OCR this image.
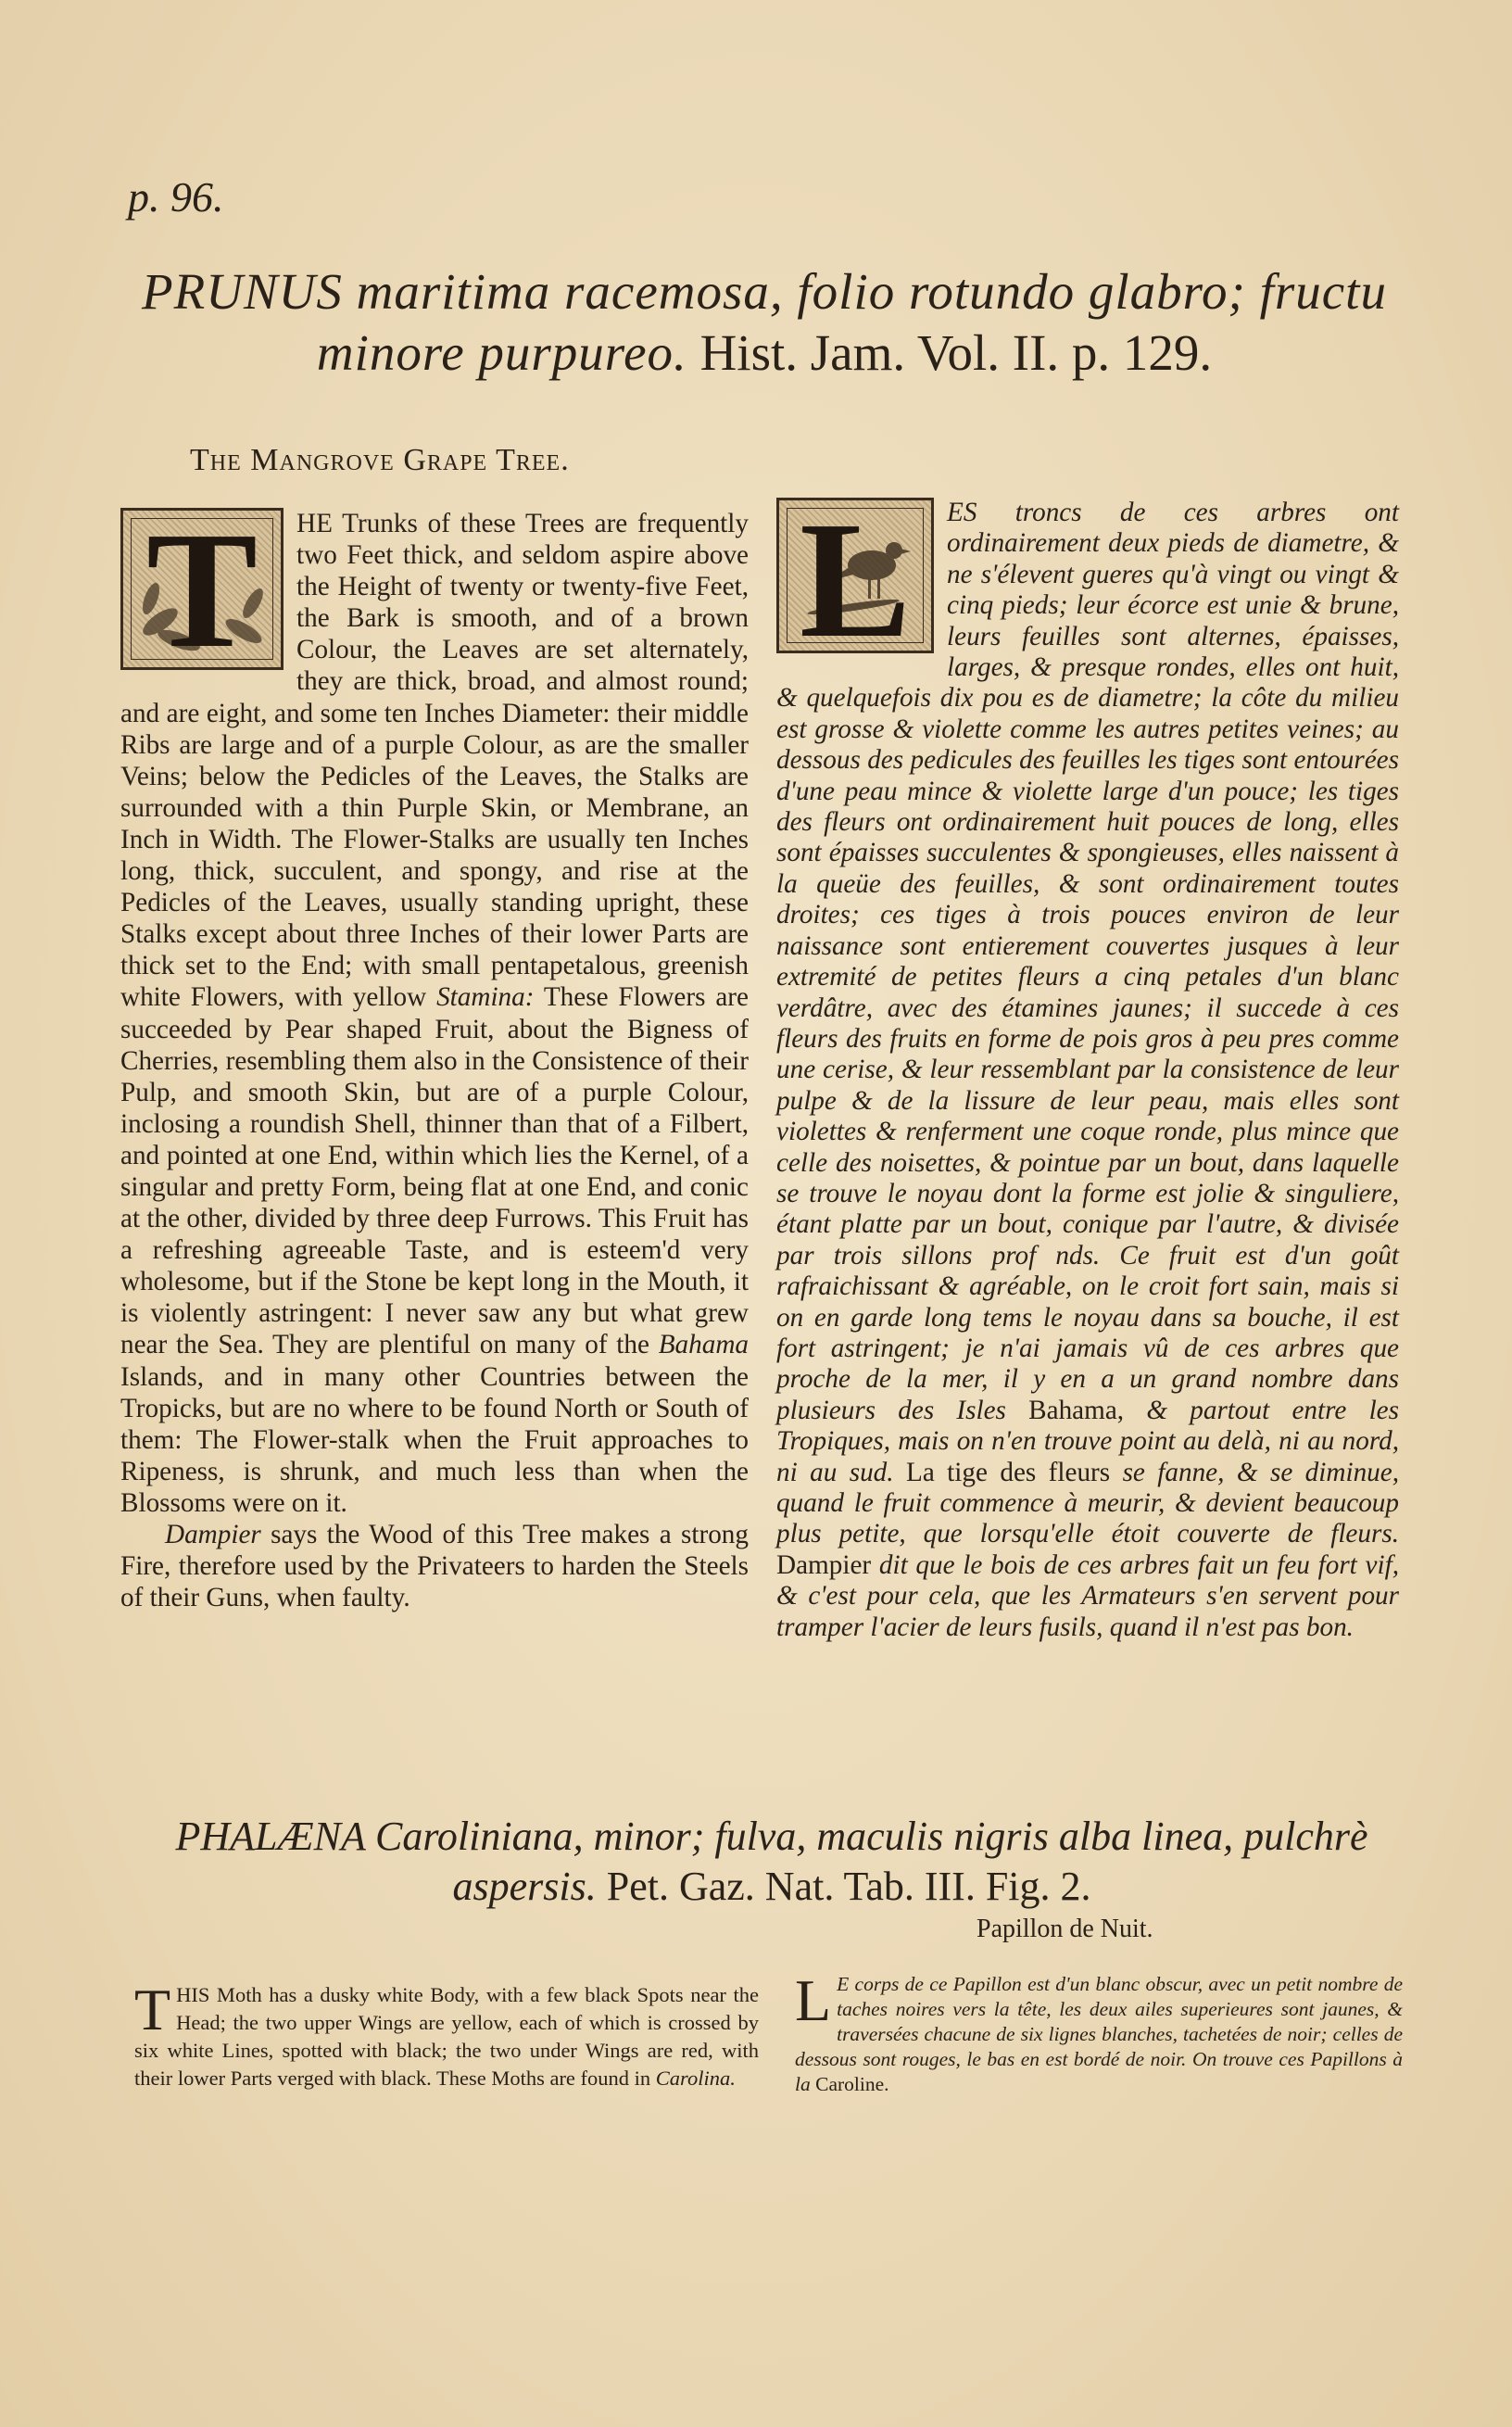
p. 96.
PRUNUS maritima racemosa, folio rotundo glabro; fructu minore purpureo. Hist. Jam. Vol. II. p. 129.
The Mangrove Grape Tree.
T	HE Trunks of these Trees are frequently two Feet thick, and seldom aspire above the Height of twenty or twenty-five Feet, the Bark is smooth, and of a brown Colour, the Leaves are set alternately, they are thick, broad, and almost round; and are eight, and some ten Inches Diameter: their middle Ribs are large and of a purple Colour, as are the smaller Veins; below the Pedicles of the Leaves, the Stalks are surrounded with a thin Purple Skin, or Membrane, an Inch in Width. The Flower-Stalks are usually ten Inches long, thick, succulent, and spongy, and rise at the Pedicles of the Leaves, usually standing upright, these Stalks except about three Inches of their lower Parts are thick set to the End; with small pentapetalous, greenish white Flowers, with yellow Stamina: These Flowers are succeeded by Pear shaped Fruit, about the Bigness of Cherries, resembling them also in the Consistence of their Pulp, and smooth Skin, but are of a purple Colour, inclosing a roundish Shell, thinner than that of a Filbert, and pointed at one End, within which lies the Kernel, of a singular and pretty Form, being flat at one End, and conic at the other, divided by three deep Furrows. This Fruit has a refreshing agreeable Taste, and is esteem'd very wholesome, but if the Stone be kept long in the Mouth, it is violently astringent: I never saw any but what grew near the Sea. They are plentiful on many of the Bahama Islands, and in many other Countries between the Tropicks, but are no where to be found North or South of them: The Flower-stalk when the Fruit approaches to Ripeness, is shrunk, and much less than when the Blossoms were on it.

Dampier says the Wood of this Tree makes a strong Fire, therefore used by the Privateers to harden the Steels of their Guns, when faulty.

L	ES troncs de ces arbres ont ordinairement deux pieds de diametre, & ne s'élevent gueres qu'à vingt ou vingt & cinq pieds; leur écorce est unie & brune, leurs feuilles sont alternes, épaisses, larges, & presque rondes, elles ont huit, & quelquefois dix pou es de diametre; la côte du milieu est grosse & violette comme les autres petites veines; au dessous des pedicules des feuilles les tiges sont entourées d'une peau mince & violette large d'un pouce; les tiges des fleurs ont ordinairement huit pouces de long, elles sont épaisses succulentes & spongieuses, elles naissent à la queüe des feuilles, & sont ordinairement toutes droites; ces tiges à trois pouces environ de leur naissance sont entierement couvertes jusques à leur extremité de petites fleurs a cinq petales d'un blanc verdâtre, avec des étamines jaunes; il succede à ces fleurs des fruits en forme de pois gros à peu pres comme une cerise, & leur ressemblant par la consistence de leur pulpe & de la lissure de leur peau, mais elles sont violettes & renferment une coque ronde, plus mince que celle des noisettes, & pointue par un bout, dans laquelle se trouve le noyau dont la forme est jolie & singuliere, étant platte par un bout, conique par l'autre, & divisée par trois sillons prof nds. Ce fruit est d'un goût rafraichissant & agréable, on le croit fort sain, mais si on en garde long tems le noyau dans sa bouche, il est fort astringent; je n'ai jamais vû de ces arbres que proche de la mer, il y en a un grand nombre dans plusieurs des Isles Bahama, & partout entre les Tropiques, mais on n'en trouve point au delà, ni au nord, ni au sud. La tige des fleurs se fanne, & se diminue, quand le fruit commence à meurir, & devient beaucoup plus petite, que lorsqu'elle étoit couverte de fleurs. Dampier dit que le bois de ces arbres fait un feu fort vif, & c'est pour cela, que les Armateurs s'en servent pour tramper l'acier de leurs fusils, quand il n'est pas bon.

PHALÆNA Caroliniana, minor; fulva, maculis nigris alba linea, pulchrè aspersis. Pet. Gaz. Nat. Tab. III. Fig. 2.
Papillon de Nuit.

THIS Moth has a dusky white Body, with a few black Spots near the Head; the two upper Wings are yellow, each of which is crossed by six white Lines, spotted with black; the two under Wings are red, with their lower Parts verged with black. These Moths are found in Carolina.

L E corps de ce Papillon est d'un blanc obscur, avec un petit nombre de taches noires vers la tête, les deux ailes superieures sont jaunes, & traversées chacune de six lignes blanches, tachetées de noir; celles de dessous sont rouges, le bas en est bordé de noir. On trouve ces Papillons à la Caroline.
